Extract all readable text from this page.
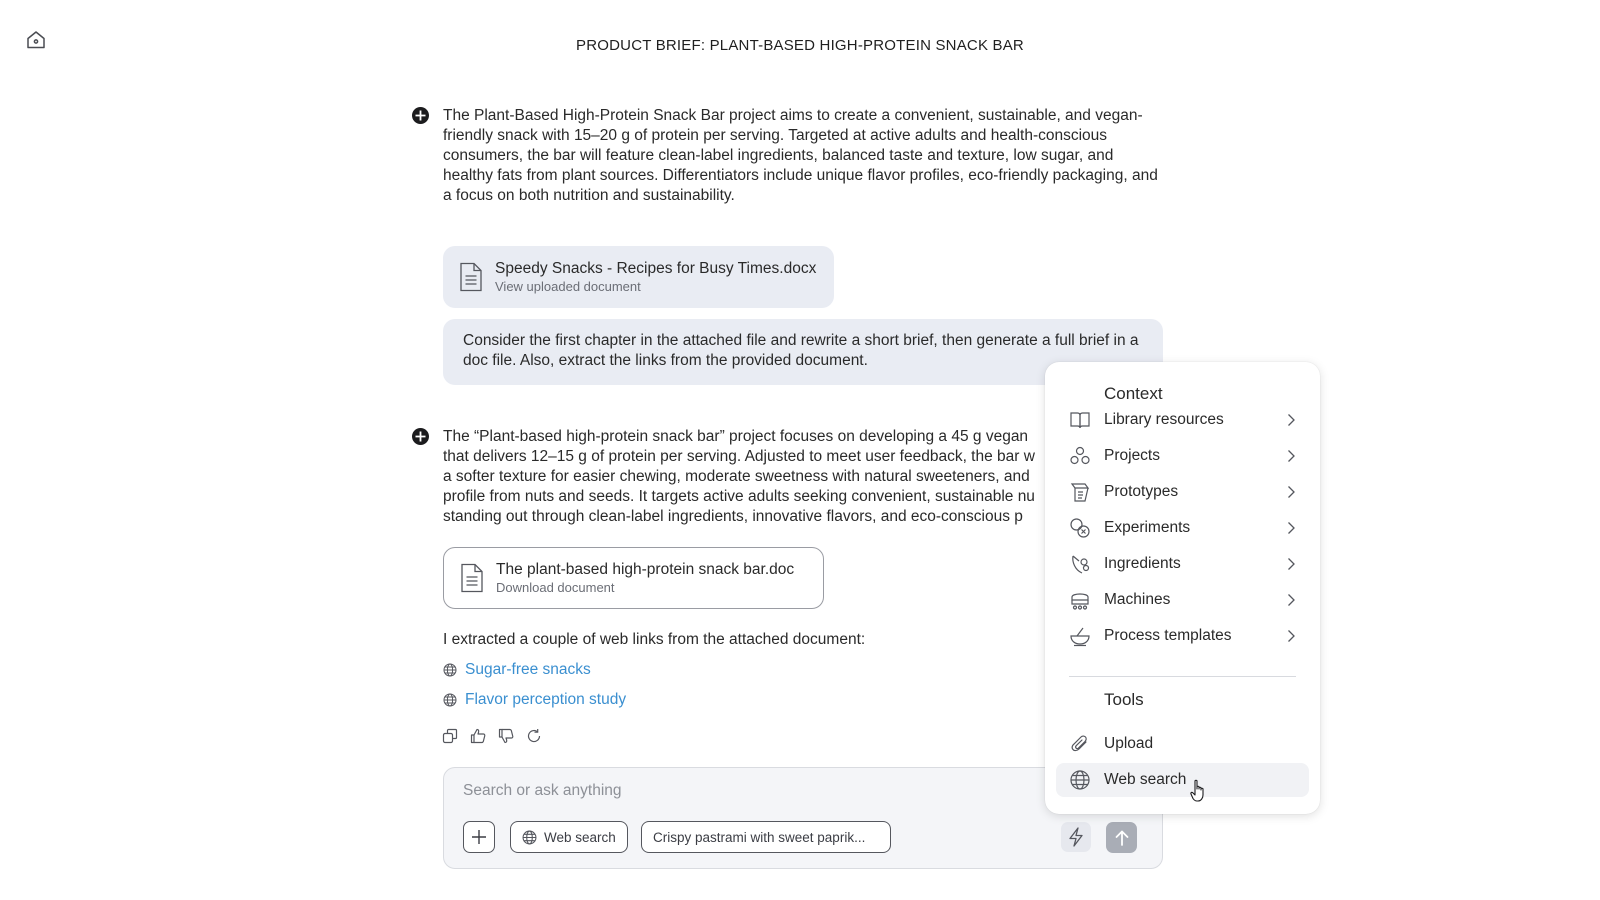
PRODUCT BRIEF: PLANT-BASED HIGH-PROTEIN SNACK BAR
The Plant-Based High-Protein Snack Bar project aims to create a convenient, sustainable, and vegan-friendly snack with 15–20 g of protein per serving. Targeted at active adults and health-conscious consumers, the bar will feature clean-label ingredients, balanced taste and texture, low sugar, and healthy fats from plant sources. Differentiators include unique flavor profiles, eco-friendly packaging, and a focus on both nutrition and sustainability.
Speedy Snacks - Recipes for Busy Times.docx
View uploaded document
Consider the first chapter in the attached file and rewrite a short brief, then generate a full brief in a doc file. Also, extract the links from the provided document.
The “Plant-based high-protein snack bar” project focuses on developing a 45 g vegan
that delivers 12–15 g of protein per serving. Adjusted to meet user feedback, the bar w
a softer texture for easier chewing, moderate sweetness with natural sweeteners, and
profile from nuts and seeds. It targets active adults seeking convenient, sustainable nu
standing out through clean-label ingredients, innovative flavors, and eco-conscious p
The plant-based high-protein snack bar.doc
Download document
I extracted a couple of web links from the attached document:
Sugar-free snacks
Flavor perception study
Search or ask anything
Web search	Crispy pastrami with sweet paprik...
Context
Library resources
Projects
Prototypes
Experiments
Ingredients
Machines
Process templates
Tools
Upload
Web search
